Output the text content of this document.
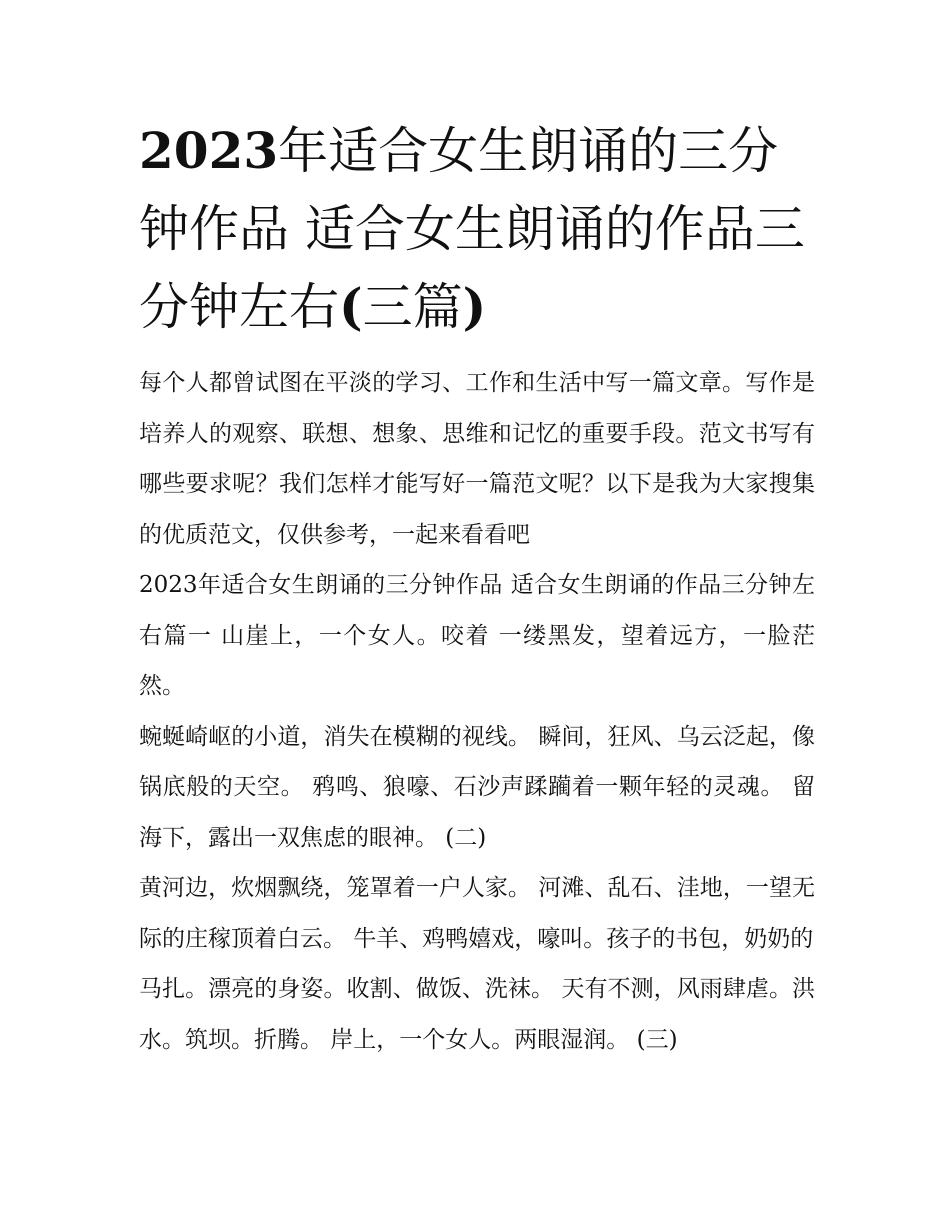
2023年适合女生朗诵的三分钟作品 适合女生朗诵的作品三分钟左右(三篇)

每个人都曾试图在平淡的学习、工作和生活中写一篇文章。写作是培养人的观察、联想、想象、思维和记忆的重要手段。范文书写有哪些要求呢？我们怎样才能写好一篇范文呢？以下是我为大家搜集的优质范文，仅供参考，一起来看看吧

2023年适合女生朗诵的三分钟作品 适合女生朗诵的作品三分钟左右篇一 山崖上，一个女人。咬着 一缕黑发，望着远方，一脸茫然。

蜿蜒崎岖的小道，消失在模糊的视线。 瞬间，狂风、乌云泛起，像锅底般的天空。 鸦鸣、狼嚎、石沙声蹂躏着一颗年轻的灵魂。 留海下，露出一双焦虑的眼神。 (二)

黄河边，炊烟飘绕，笼罩着一户人家。 河滩、乱石、洼地，一望无际的庄稼顶着白云。 牛羊、鸡鸭嬉戏，嚎叫。孩子的书包，奶奶的

马扎。漂亮的身姿。收割、做饭、洗袜。 天有不测，风雨肆虐。洪水。筑坝。折腾。 岸上，一个女人。两眼湿润。 (三)
